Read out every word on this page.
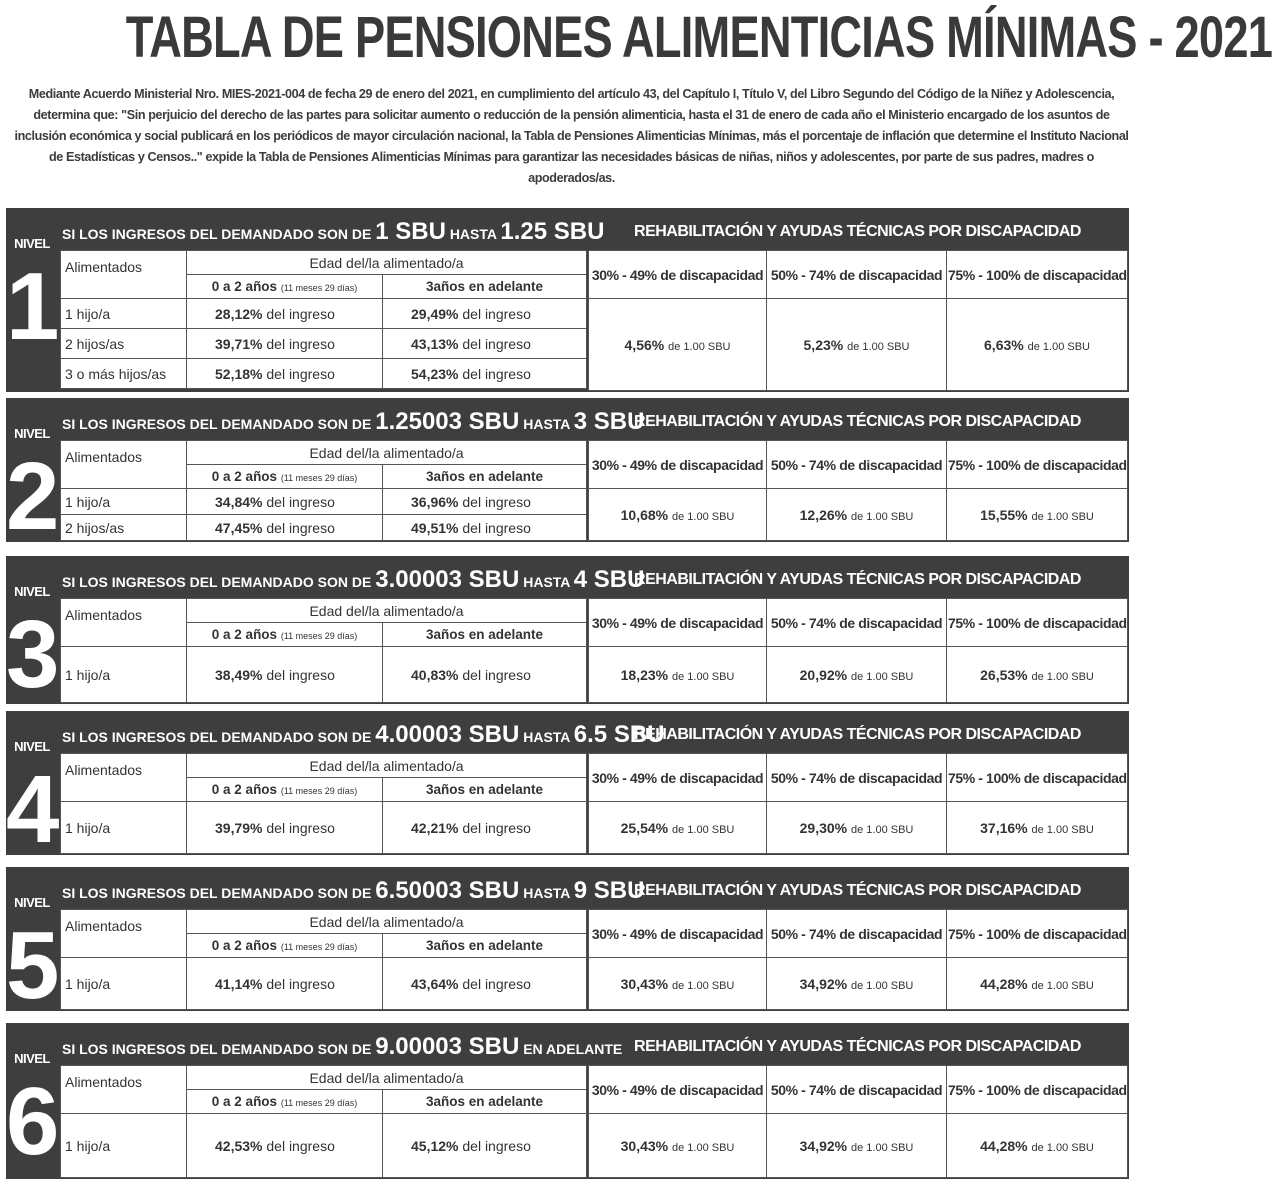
TABLA DE PENSIONES ALIMENTICIAS MÍNIMAS - 2021
Mediante Acuerdo Ministerial Nro. MIES-2021-004 de fecha 29 de enero del 2021, en cumplimiento del artículo 43, del Capítulo I, Título V, del Libro Segundo del Código de la Niñez y Adolescencia, determina que: "Sin perjuicio del derecho de las partes para solicitar aumento o reducción de la pensión alimenticia, hasta el 31 de enero de cada año el Ministerio encargado de los asuntos de inclusión económica y social publicará en los periódicos de mayor circulación nacional, la Tabla de Pensiones Alimenticias Mínimas, más el porcentaje de inflación que determine el Instituto Nacional de Estadísticas y Censos.." expide la Tabla de Pensiones Alimenticias Mínimas para garantizar las necesidades básicas de niñas, niños y adolescentes, por parte de sus padres, madres o apoderados/as.
NIVEL
1
SI LOS INGRESOS DEL DEMANDADO SON DE 1 SBU HASTA 1.25 SBU	REHABILITACIÓN Y AYUDAS TÉCNICAS POR DISCAPACIDAD
Alimentados	Edad del/la alimentado/a	
	0 a 2 años (11 meses 29 días)	3años en adelante
1 hijo/a	28,12% del ingreso	29,49% del ingreso
2 hijos/as	39,71% del ingreso	43,13% del ingreso
3 o más hijos/as	52,18% del ingreso	54,23% del ingreso
30% - 49% de discapacidad	50% - 74% de discapacidad	75% - 100% de discapacidad
4,56% de 1.00 SBU	5,23% de 1.00 SBU	6,63% de 1.00 SBU
NIVEL
2
SI LOS INGRESOS DEL DEMANDADO SON DE 1.25003 SBU HASTA 3 SBU
REHABILITACIÓN Y AYUDAS TÉCNICAS POR DISCAPACIDAD
Alimentados	Edad del/la alimentado/a	
	0 a 2 años (11 meses 29 días)	3años en adelante
1 hijo/a	34,84% del ingreso	36,96% del ingreso
2 hijos/as	47,45% del ingreso	49,51% del ingreso
30% - 49% de discapacidad	50% - 74% de discapacidad	75% - 100% de discapacidad
10,68% de 1.00 SBU	12,26% de 1.00 SBU	15,55% de 1.00 SBU
NIVEL
3
SI LOS INGRESOS DEL DEMANDADO SON DE 3.00003 SBU HASTA 4 SBU
REHABILITACIÓN Y AYUDAS TÉCNICAS POR DISCAPACIDAD
Alimentados	Edad del/la alimentado/a	
	0 a 2 años (11 meses 29 días)	3años en adelante
1 hijo/a	38,49% del ingreso	40,83% del ingreso
30% - 49% de discapacidad	50% - 74% de discapacidad	75% - 100% de discapacidad
18,23% de 1.00 SBU	20,92% de 1.00 SBU	26,53% de 1.00 SBU
NIVEL
4
SI LOS INGRESOS DEL DEMANDADO SON DE 4.00003 SBU HASTA 6.5 SBU
REHABILITACIÓN Y AYUDAS TÉCNICAS POR DISCAPACIDAD
Alimentados	Edad del/la alimentado/a	
	0 a 2 años (11 meses 29 días)	3años en adelante
1 hijo/a	39,79% del ingreso	42,21% del ingreso
30% - 49% de discapacidad	50% - 74% de discapacidad	75% - 100% de discapacidad
25,54% de 1.00 SBU	29,30% de 1.00 SBU	37,16% de 1.00 SBU
NIVEL
5
SI LOS INGRESOS DEL DEMANDADO SON DE 6.50003 SBU HASTA 9 SBU
REHABILITACIÓN Y AYUDAS TÉCNICAS POR DISCAPACIDAD
Alimentados	Edad del/la alimentado/a	
	0 a 2 años (11 meses 29 días)	3años en adelante
1 hijo/a	41,14% del ingreso	43,64% del ingreso
30% - 49% de discapacidad	50% - 74% de discapacidad	75% - 100% de discapacidad
30,43% de 1.00 SBU	34,92% de 1.00 SBU	44,28% de 1.00 SBU
NIVEL
6
SI LOS INGRESOS DEL DEMANDADO SON DE 9.00003 SBU EN ADELANTE REHABILITACIÓN Y AYUDAS TÉCNICAS POR DISCAPACIDAD
Alimentados	Edad del/la alimentado/a	
	0 a 2 años (11 meses 29 días)	3años en adelante
1 hijo/a	42,53% del ingreso	45,12% del ingreso
30% - 49% de discapacidad	50% - 74% de discapacidad	75% - 100% de discapacidad
30,43% de 1.00 SBU	34,92% de 1.00 SBU	44,28% de 1.00 SBU
